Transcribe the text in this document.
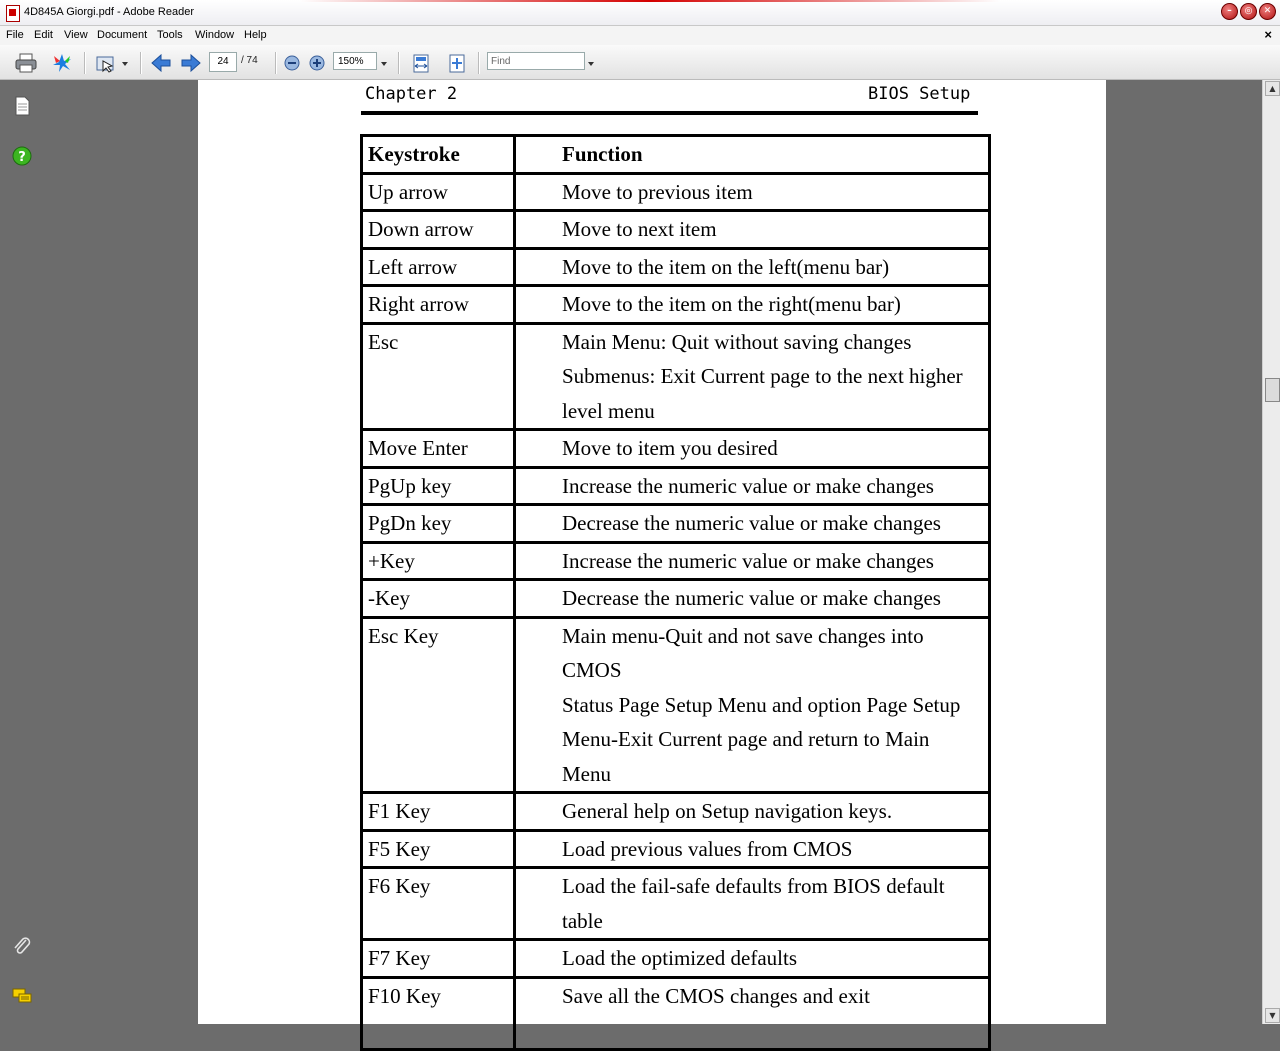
4D845A Giorgi.pdf - Adobe Reader	–	◎	✕
File Edit View Document Tools Window Help	×
24	/ 74	150%	Find
?
Chapter 2	BIOS Setup
Keystroke	Function
Up arrow	Move to previous item

Down arrow	Move to next item

Left arrow	Move to the item on the left(menu bar)

Right arrow	Move to the item on the right(menu bar)

Esc	Main Menu: Quit without saving changes
Submenus: Exit Current page to the next higher
level menu

Move Enter	Move to item you desired

PgUp key	Increase the numeric value or make changes

PgDn key	Decrease the numeric value or make changes

+Key	Increase the numeric value or make changes

-Key	Decrease the numeric value or make changes

Esc Key	Main menu-Quit and not save changes into
CMOS
Status Page Setup Menu and option Page Setup
Menu-Exit Current page and return to Main
Menu

F1 Key	General help on Setup navigation keys.

F5 Key	Load previous values from CMOS

F6 Key	Load the fail-safe defaults from BIOS default
table

F7 Key	Load the optimized defaults

F10 Key	Save all the CMOS changes and exit

▲
▼
